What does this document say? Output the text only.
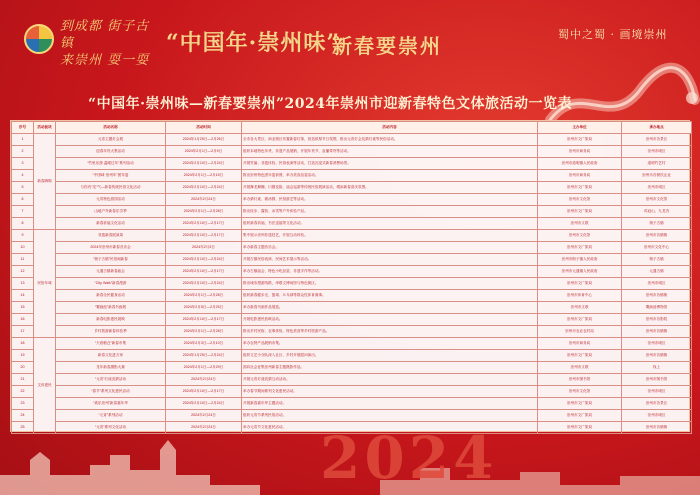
到成都 街子古镇
来崇州 耍一耍
“中国年·崇州味”
新春要崇州	蜀中之蜀 · 画境崇州
“中国年·崇州味—新春要崇州”2024年崇州市迎新春特色文体旅活动一览表
序号	活动板块	活动名称	活动时间	活动内容	主办单位	承办地点
1	新春嗨购	元宵主题灯会展	2024年1月25日—2月26日	全市各大景区、商业街区布置新春灯饰，营造浓厚节日氛围，推出元宵灯会及猜灯谜等民俗活动。	崇州市文广旅局	崇州市各景区
2		迎春年货大集活动	2024年2月1日—2月9日	组织本地特色年货、非遗产品展销，开展年货节、直播带货等活动。	崇州市商务局	崇州市城区
3		“竹里乐游 温暖过年”系列活动	2024年2月10日—2月24日	开展竹编、非遗体验、民俗表演等活动，打造沉浸式新春消费场景。	崇州市道明镇人民政府	道明竹艺村
4		“中国味·崇州年”团年宴	2024年2月1日—2月15日	推出崇州特色团年宴套餐，举办美食品鉴活动。	崇州市商务局	崇州市各餐饮企业
5		与你有“龙”气—新春传统民俗文化活动	2024年2月10日—2月24日	开展舞龙舞狮、川剧变脸、庙会巡游等传统民俗展演活动，增添新春喜庆氛围。	崇州市文广旅局	崇州市城区
6		元宵特色游园活动	2024年2月24日	举办猜灯谜、做汤圆、民俗游艺等活动。	崇州市文化馆	崇州市文化馆
7		山地户外新春乐享季	2024年2月1日—2月28日	推出徒步、露营、冰雪等户外体验产品。	崇州市文广旅局	鸡冠山、九龙沟
8		新春祈福文化活动	2024年2月10日—2月17日	组织新春祈福、书法送福等文化活动。	崇州市文联	街子古镇
9	民俗年味	非遗新春展演周	2024年2月10日—2月17日	集中展示崇州非遗技艺，开展互动体验。	崇州市文化馆	崇州市各镇街
10		2024年崇州市新春音乐会	2024年2月3日	举办新春主题音乐会。	崇州市文广旅局	崇州市文化中心
11		“街子古镇”民俗闹新春	2024年2月10日—2月24日	开展古镇民俗表演、民间艺术展示等活动。	崇州市街子镇人民政府	街子古镇
12		元通古镇新春庙会	2024年2月10日—2月17日	举办古镇庙会、特色小吃品鉴、非遗手作等活动。	崇州市元通镇人民政府	元通古镇
13		“City Walk”新春漫游	2024年2月10日—2月24日	推出城市漫游线路，串联文博场馆与特色街区。	崇州市文广旅局	崇州市城区
14		新春全民健身活动	2024年2月1日—2月28日	组织新春健步走、篮球、乒乓球等群众性体育赛事。	崇州市体育中心	崇州市各镇街
15		“罨画池”新春书画展	2024年2月5日—2月25日	举办新春书画作品展览。	崇州市文联	罨画池博物馆
16		新春电影惠民展映	2024年2月10日—2月17日	开展电影惠民放映活动。	崇州市文广旅局	崇州市各影院
17		乡村旅游新春体验季	2024年2月1日—2月28日	推出乡村民宿、农事体验、特色美食等乡村旅游产品。	崇州市农业农村局	崇州市各镇街
18	文体惠民	“天府粮仓”新春市集	2024年2月3日—2月10日	举办农特产品展销市集。	崇州市商务局	崇州市城区
19		新春文化进万家	2024年1月25日—2月24日	组织文艺小分队深入社区、乡村开展慰问演出。	崇州市文广旅局	崇州市各镇街
20		龙年新春摄影大赛	2024年2月1日—2月29日	面向社会征集崇州新春主题摄影作品。	崇州市文联	线上
21		“元宵”灯谜竞猜活动	2024年2月24日	开展元宵灯谜竞猜互动活动。	崇州市图书馆	崇州市图书馆
22		“春节”系列文化惠民活动	2024年2月10日—2月17日	举办春节期间系列文化惠民活动。	崇州市文化馆	崇州市城区
23		“欢乐崇州”新春嘉年华	2024年2月10日—2月24日	开展新春嘉年华主题活动。	崇州市文广旅局	崇州市各景区
24		“元宵”系列活动	2024年2月24日	组织元宵节系列民俗活动。	崇州市文广旅局	崇州市城区
25		“元宵”系列文化活动	2024年2月24日	举办元宵节文化惠民活动。	崇州市文广旅局	崇州市各镇街
2024
